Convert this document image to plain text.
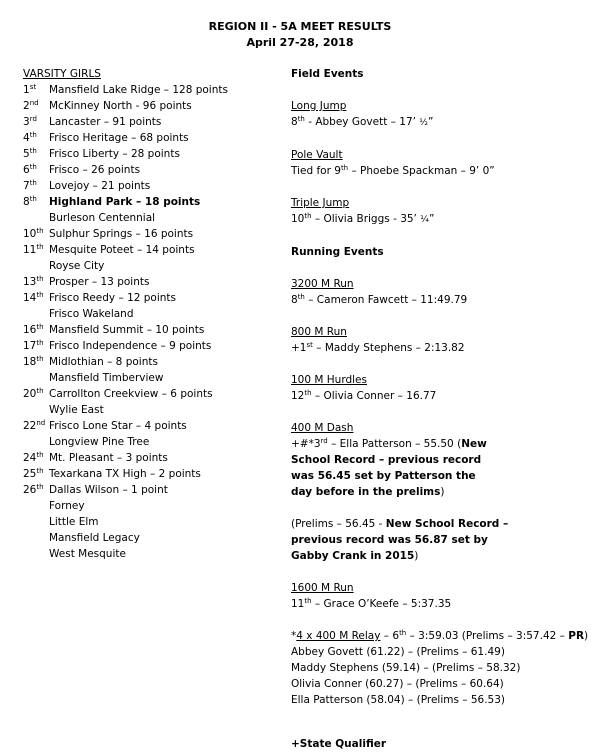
REGION II - 5A MEET RESULTS
April 27-28, 2018
VARSITY GIRLS
1st Mansfield Lake Ridge – 128 points
2nd McKinney North - 96 points
3rd Lancaster – 91 points
4th Frisco Heritage – 68 points
5th Frisco Liberty – 28 points
6th Frisco – 26 points
7th Lovejoy – 21 points
8th Highland Park – 18 points
Burleson Centennial
10th Sulphur Springs – 16 points
11th Mesquite Poteet – 14 points
Royse City
13th Prosper – 13 points
14th Frisco Reedy – 12 points
Frisco Wakeland
16th Mansfield Summit – 10 points
17th Frisco Independence – 9 points
18th Midlothian – 8 points
Mansfield Timberview
20th Carrollton Creekview – 6 points
Wylie East
22nd Frisco Lone Star – 4 points
Longview Pine Tree
24th Mt. Pleasant – 3 points
25th Texarkana TX High – 2 points
26th Dallas Wilson – 1 point
Forney
Little Elm
Mansfield Legacy
West Mesquite
Field Events
Long Jump
8th - Abbey Govett – 17’ ½”
Pole Vault
Tied for 9th – Phoebe Spackman – 9’ 0”
Triple Jump
10th – Olivia Briggs - 35’ ¼”
Running Events
3200 M Run
8th – Cameron Fawcett – 11:49.79
800 M Run
+1st – Maddy Stephens – 2:13.82
100 M Hurdles
12th – Olivia Conner – 16.77
400 M Dash
+#*3rd – Ella Patterson – 55.50 (New School Record – previous record was 56.45 set by Patterson the day before in the prelims)
(Prelims – 56.45 - New School Record – previous record was 56.87 set by Gabby Crank in 2015)
1600 M Run
11th – Grace O’Keefe – 5:37.35
*4 x 400 M Relay – 6th – 3:59.03 (Prelims – 3:57.42 – PR)
Abbey Govett (61.22) – (Prelims – 61.49)
Maddy Stephens (59.14) – (Prelims – 58.32)
Olivia Conner (60.27) – (Prelims – 60.64)
Ella Patterson (58.04) – (Prelims – 56.53)
+State Qualifier
